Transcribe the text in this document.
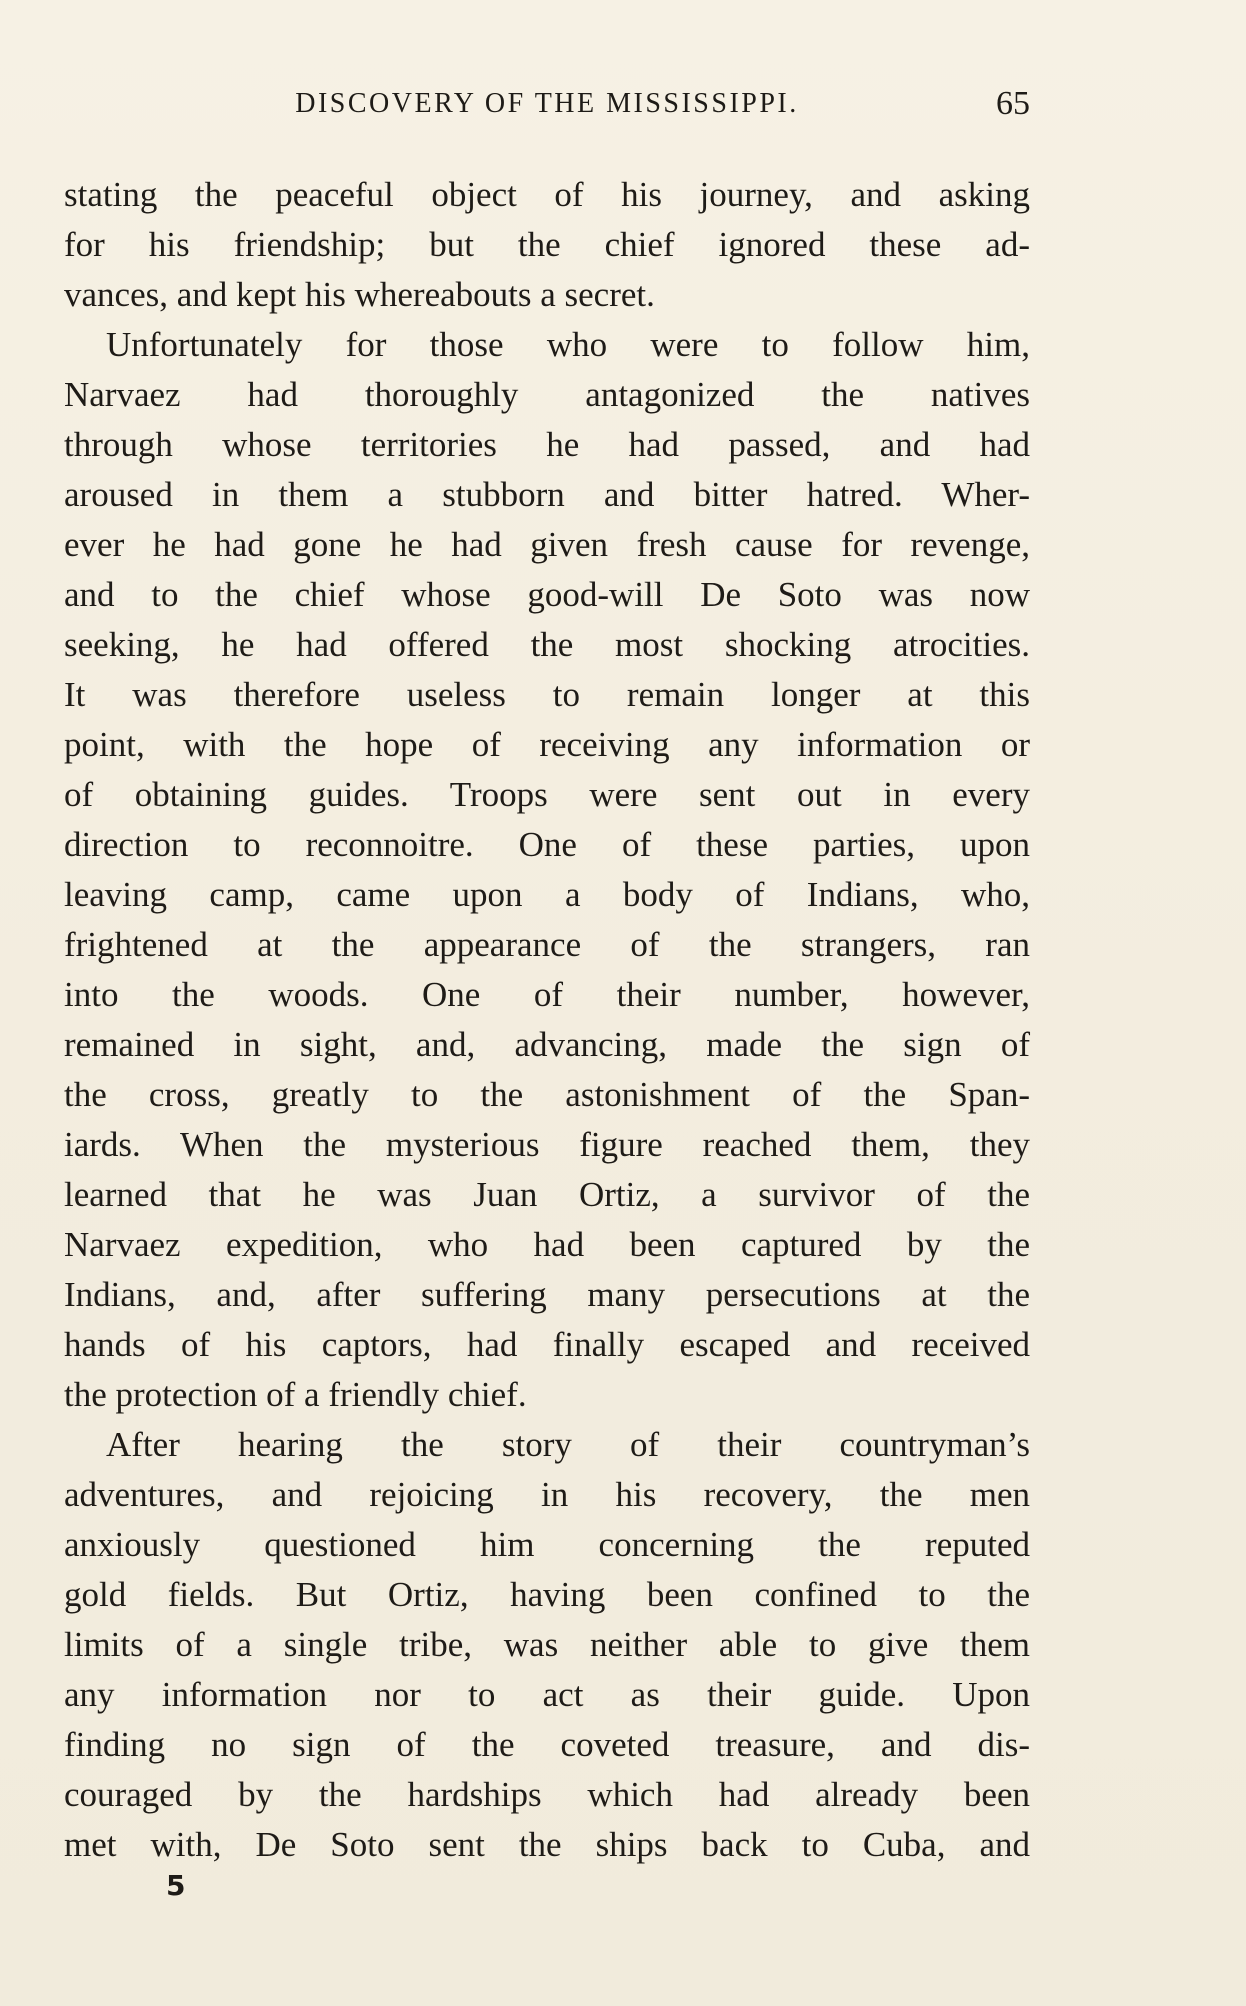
DISCOVERY OF THE MISSISSIPPI.	65
stating the peaceful object of his journey, and asking
for his friendship; but the chief ignored these ad-
vances, and kept his whereabouts a secret.
Unfortunately for those who were to follow him,
Narvaez had thoroughly antagonized the natives
through whose territories he had passed, and had
aroused in them a stubborn and bitter hatred. Wher-
ever he had gone he had given fresh cause for revenge,
and to the chief whose good-will De Soto was now
seeking, he had offered the most shocking atrocities.
It was therefore useless to remain longer at this
point, with the hope of receiving any information or
of obtaining guides. Troops were sent out in every
direction to reconnoitre. One of these parties, upon
leaving camp, came upon a body of Indians, who,
frightened at the appearance of the strangers, ran
into the woods. One of their number, however,
remained in sight, and, advancing, made the sign of
the cross, greatly to the astonishment of the Span-
iards. When the mysterious figure reached them, they
learned that he was Juan Ortiz, a survivor of the
Narvaez expedition, who had been captured by the
Indians, and, after suffering many persecutions at the
hands of his captors, had finally escaped and received
the protection of a friendly chief.
After hearing the story of their countryman’s
adventures, and rejoicing in his recovery, the men
anxiously questioned him concerning the reputed
gold fields. But Ortiz, having been confined to the
limits of a single tribe, was neither able to give them
any information nor to act as their guide. Upon
finding no sign of the coveted treasure, and dis-
couraged by the hardships which had already been
met with, De Soto sent the ships back to Cuba, and
5
